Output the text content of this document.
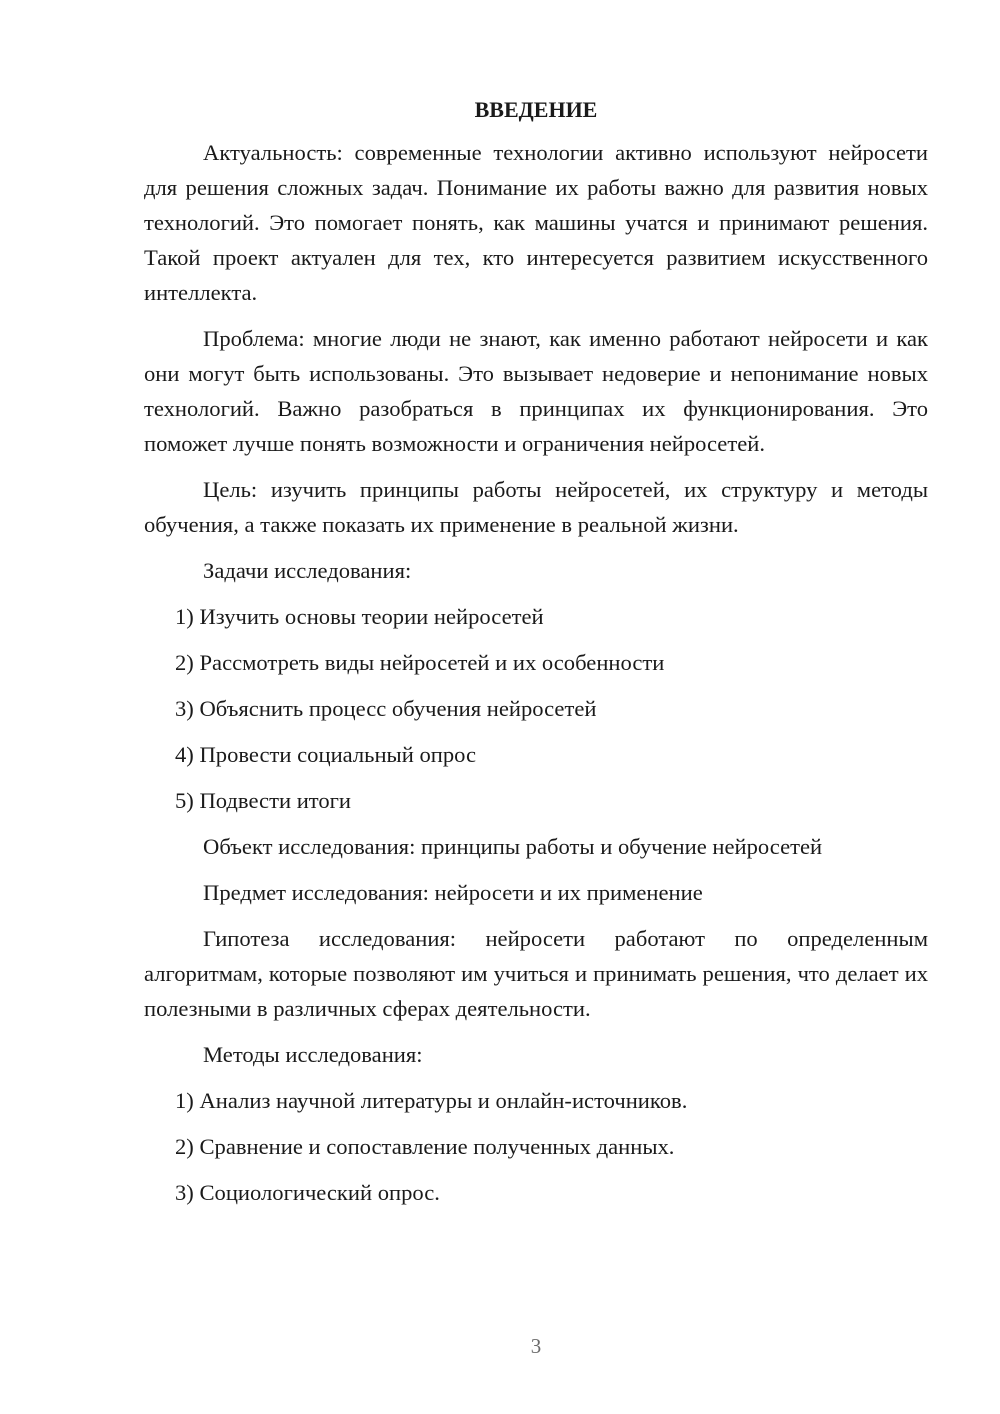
ВВЕДЕНИЕ
Актуальность: современные технологии активно используют нейросети для решения сложных задач. Понимание их работы важно для развития новых технологий. Это помогает понять, как машины учатся и принимают решения. Такой проект актуален для тех, кто интересуется развитием искусственного интеллекта.
Проблема: многие люди не знают, как именно работают нейросети и как они могут быть использованы. Это вызывает недоверие и непонимание новых технологий. Важно разобраться в принципах их функционирования. Это поможет лучше понять возможности и ограничения нейросетей.
Цель: изучить принципы работы нейросетей, их структуру и методы обучения, а также показать их применение в реальной жизни.
Задачи исследования:
1) Изучить основы теории нейросетей
2) Рассмотреть виды нейросетей и их особенности
3) Объяснить процесс обучения нейросетей
4) Провести социальный опрос
5) Подвести итоги
Объект исследования: принципы работы и обучение нейросетей
Предмет исследования: нейросети и их применение
Гипотеза исследования: нейросети работают по определенным алгоритмам, которые позволяют им учиться и принимать решения, что делает их полезными в различных сферах деятельности.
Методы исследования:
1) Анализ научной литературы и онлайн-источников.
2) Сравнение и сопоставление полученных данных.
3) Социологический опрос.
3
